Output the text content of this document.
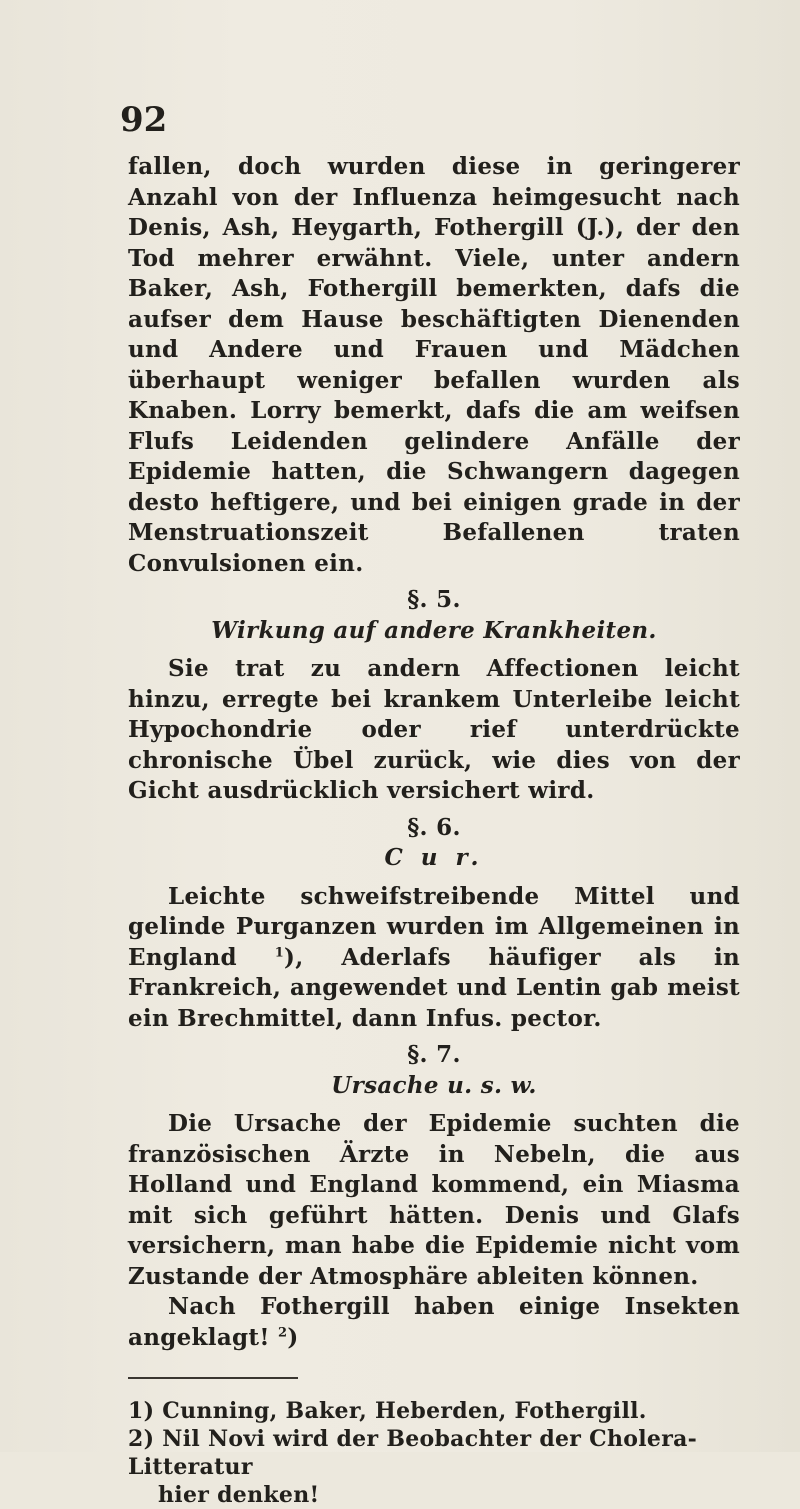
92

fallen, doch wurden diese in geringerer Anzahl von der Influenza heimgesucht nach Denis, Ash, Heygarth, Fothergill (J.), der den Tod mehrer erwähnt. Viele, unter andern Baker, Ash, Fothergill bemerkten, dafs die aufser dem Hause beschäftigten Dienenden und Andere und Frauen und Mädchen überhaupt weniger befallen wurden als Knaben. Lorry bemerkt, dafs die am weifsen Flufs Leidenden gelindere Anfälle der Epidemie hatten, die Schwangern dagegen desto heftigere, und bei einigen grade in der Menstruationszeit Befallenen traten Convulsionen ein.

§. 5.
Wirkung auf andere Krankheiten.

Sie trat zu andern Affectionen leicht hinzu, erregte bei krankem Unterleibe leicht Hypochondrie oder rief unterdrückte chronische Übel zurück, wie dies von der Gicht ausdrücklich versichert wird.

§. 6.
C u r.

Leichte schweifstreibende Mittel und gelinde Purganzen wurden im Allgemeinen in England	$^1$), Aderlafs häufiger als in Frankreich, angewendet und Lentin gab meist ein Brechmittel, dann Infus. pector.

§. 7.
Ursache u. s. w.

Die Ursache der Epidemie suchten die französischen Ärzte in Nebeln, die aus Holland und England kommend, ein Miasma mit sich geführt hätten. Denis und Glafs versichern, man habe die Epidemie nicht vom Zustande der Atmosphäre ableiten können.

Nach Fothergill haben einige Insekten angeklagt! $^2$)

1) Cunning, Baker, Heberden, Fothergill.

2) Nil Novi wird der Beobachter der Cholera-Litteratur

hier denken!
